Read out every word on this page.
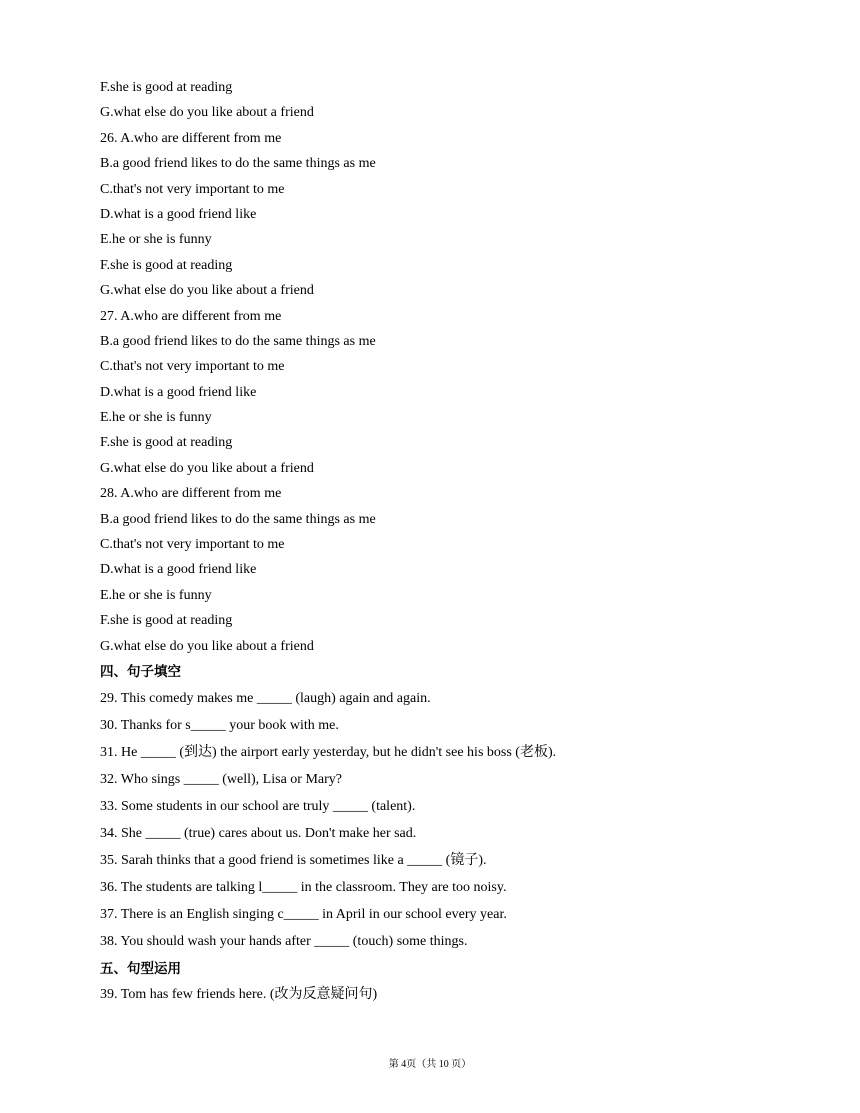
F.she is good at reading
G.what else do you like about a friend
26. A.who are different from me
B.a good friend likes to do the same things as me
C.that's not very important to me
D.what is a good friend like
E.he or she is funny
F.she is good at reading
G.what else do you like about a friend
27. A.who are different from me
B.a good friend likes to do the same things as me
C.that's not very important to me
D.what is a good friend like
E.he or she is funny
F.she is good at reading
G.what else do you like about a friend
28. A.who are different from me
B.a good friend likes to do the same things as me
C.that's not very important to me
D.what is a good friend like
E.he or she is funny
F.she is good at reading
G.what else do you like about a friend
四、句子填空
29. This comedy makes me _____ (laugh) again and again.
30. Thanks for s_____ your book with me.
31. He _____ (到达) the airport early yesterday, but he didn't see his boss (老板).
32. Who sings _____ (well), Lisa or Mary?
33. Some students in our school are truly _____ (talent).
34. She _____ (true) cares about us. Don't make her sad.
35. Sarah thinks that a good friend is sometimes like a _____ (镜子).
36. The students are talking l_____ in the classroom. They are too noisy.
37. There is an English singing c_____ in April in our school every year.
38. You should wash your hands after _____ (touch) some things.
五、句型运用
39. Tom has few friends here. (改为反意疑问句)
第 4页（共 10 页）
